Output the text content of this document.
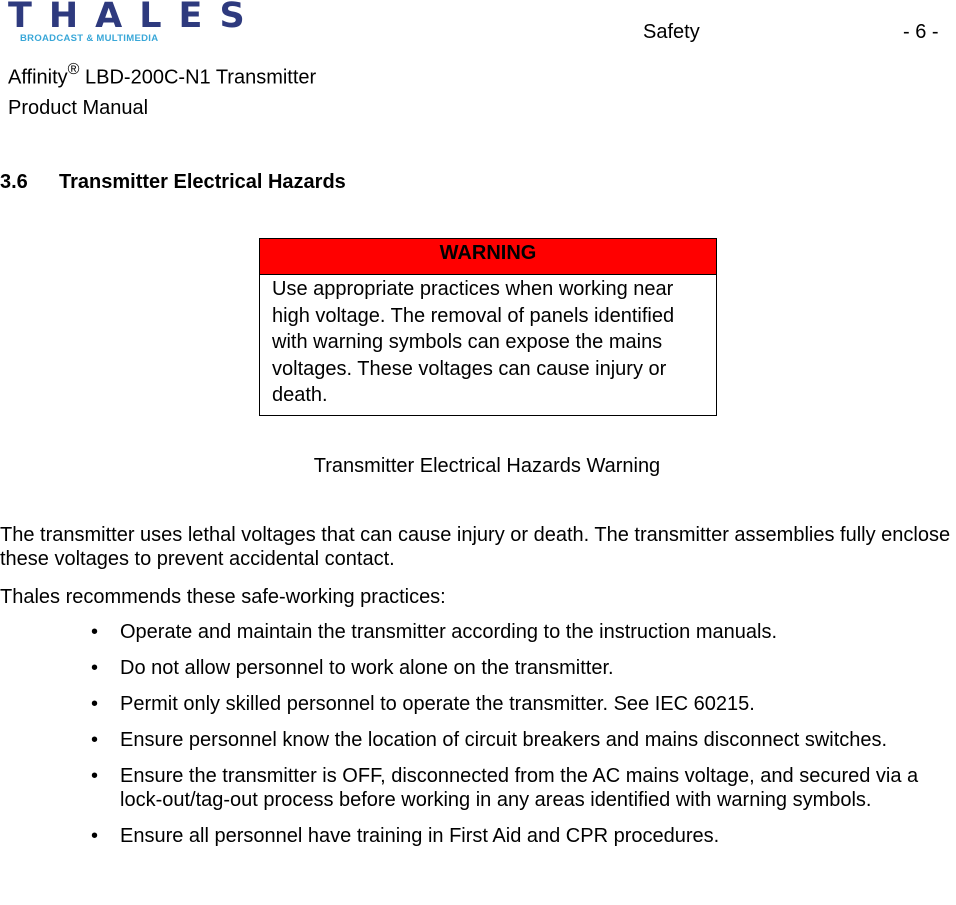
THALES
BROADCAST & MULTIMEDIA	Safety	- 6 -
Affinity® LBD-200C-N1 Transmitter
Product Manual
3.6 Transmitter Electrical Hazards
WARNING
Use appropriate practices when working near high voltage. The removal of panels identified with warning symbols can expose the mains voltages. These voltages can cause injury or death.
Transmitter Electrical Hazards Warning
The transmitter uses lethal voltages that can cause injury or death. The transmitter assemblies fully enclose these voltages to prevent accidental contact.
Thales recommends these safe-working practices:
• Operate and maintain the transmitter according to the instruction manuals.
• Do not allow personnel to work alone on the transmitter.
• Permit only skilled personnel to operate the transmitter. See IEC 60215.
• Ensure personnel know the location of circuit breakers and mains disconnect switches.
• Ensure the transmitter is OFF, disconnected from the AC mains voltage, and secured via a lock-out/tag-out process before working in any areas identified with warning symbols.
• Ensure all personnel have training in First Aid and CPR procedures.
